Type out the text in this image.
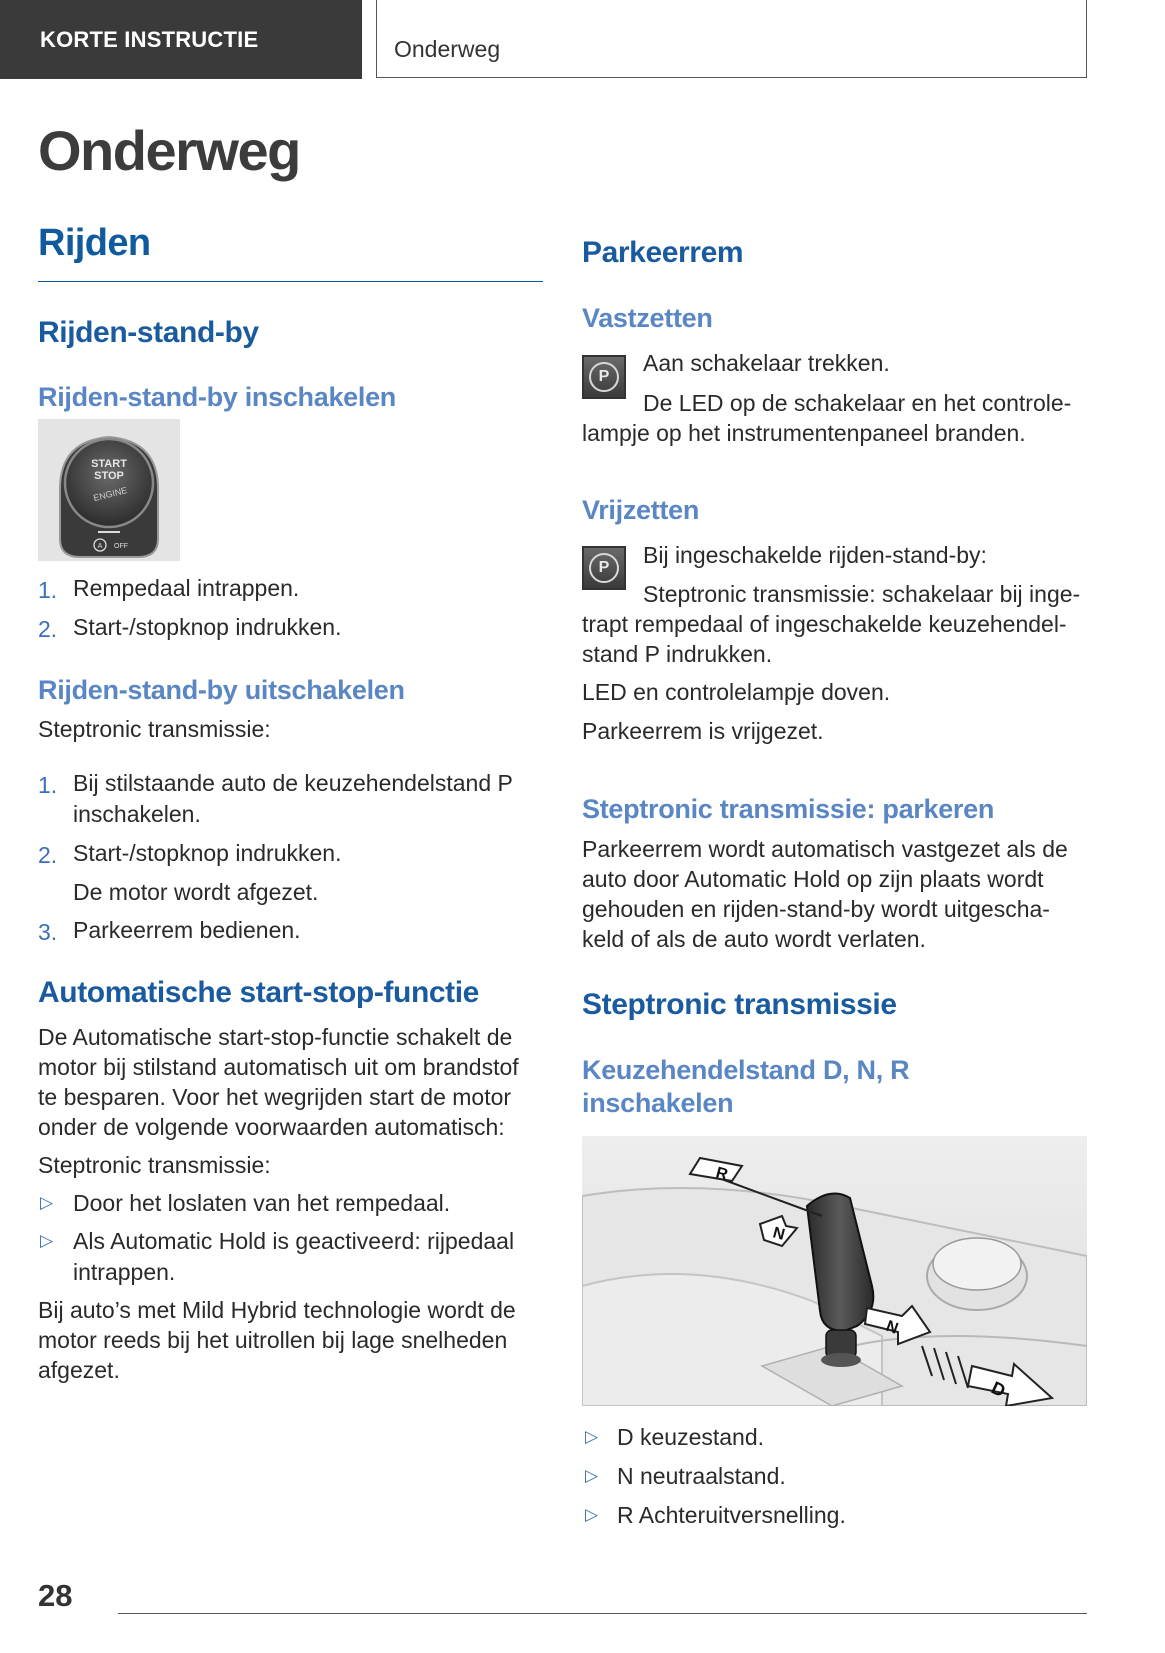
KORTE INSTRUCTIE	Onderweg
Onderweg
Rijden
Rijden-stand-by
Rijden-stand-by inschakelen
START
STOP
ENGINE
A OFF
1. Rempedaal intrappen.

2. Start-/stopknop indrukken.

Rijden-stand-by uitschakelen

Steptronic transmissie:

1. Bij stilstaande auto de keuzehendelstand P

inschakelen.

2. Start-/stopknop indrukken.

De motor wordt afgezet.

3. Parkeerrem bedienen.

Automatische start-stop-functie

De Automatische start-stop-functie schakelt de

motor bij stilstand automatisch uit om brandstof

te besparen. Voor het wegrijden start de motor

onder de volgende voorwaarden automatisch:

Steptronic transmissie:

▷ Door het loslaten van het rempedaal.

▷ Als Automatic Hold is geactiveerd: rijpedaal

intrappen.

Bij auto’s met Mild Hybrid technologie wordt de

motor reeds bij het uitrollen bij lage snelheden

afgezet.

Parkeerrem
Vastzetten
P

Aan schakelaar trekken.

De LED op de schakelaar en het controle-

lampje op het instrumentenpaneel branden.

Vrijzetten
P	Bij ingeschakelde rijden-stand-by:

Steptronic transmissie: schakelaar bij inge-

trapt rempedaal of ingeschakelde keuzehendel-

stand P indrukken.

LED en controlelampje doven.

Parkeerrem is vrijgezet.

Steptronic transmissie: parkeren

Parkeerrem wordt automatisch vastgezet als de

auto door Automatic Hold op zijn plaats wordt

gehouden en rijden-stand-by wordt uitgescha-

keld of als de auto wordt verlaten.

Steptronic transmissie
Keuzehendelstand D, N, R
inschakelen
R
N
N
D
▷ D keuzestand.

▷ N neutraalstand.

▷ R Achteruitversnelling.

28
